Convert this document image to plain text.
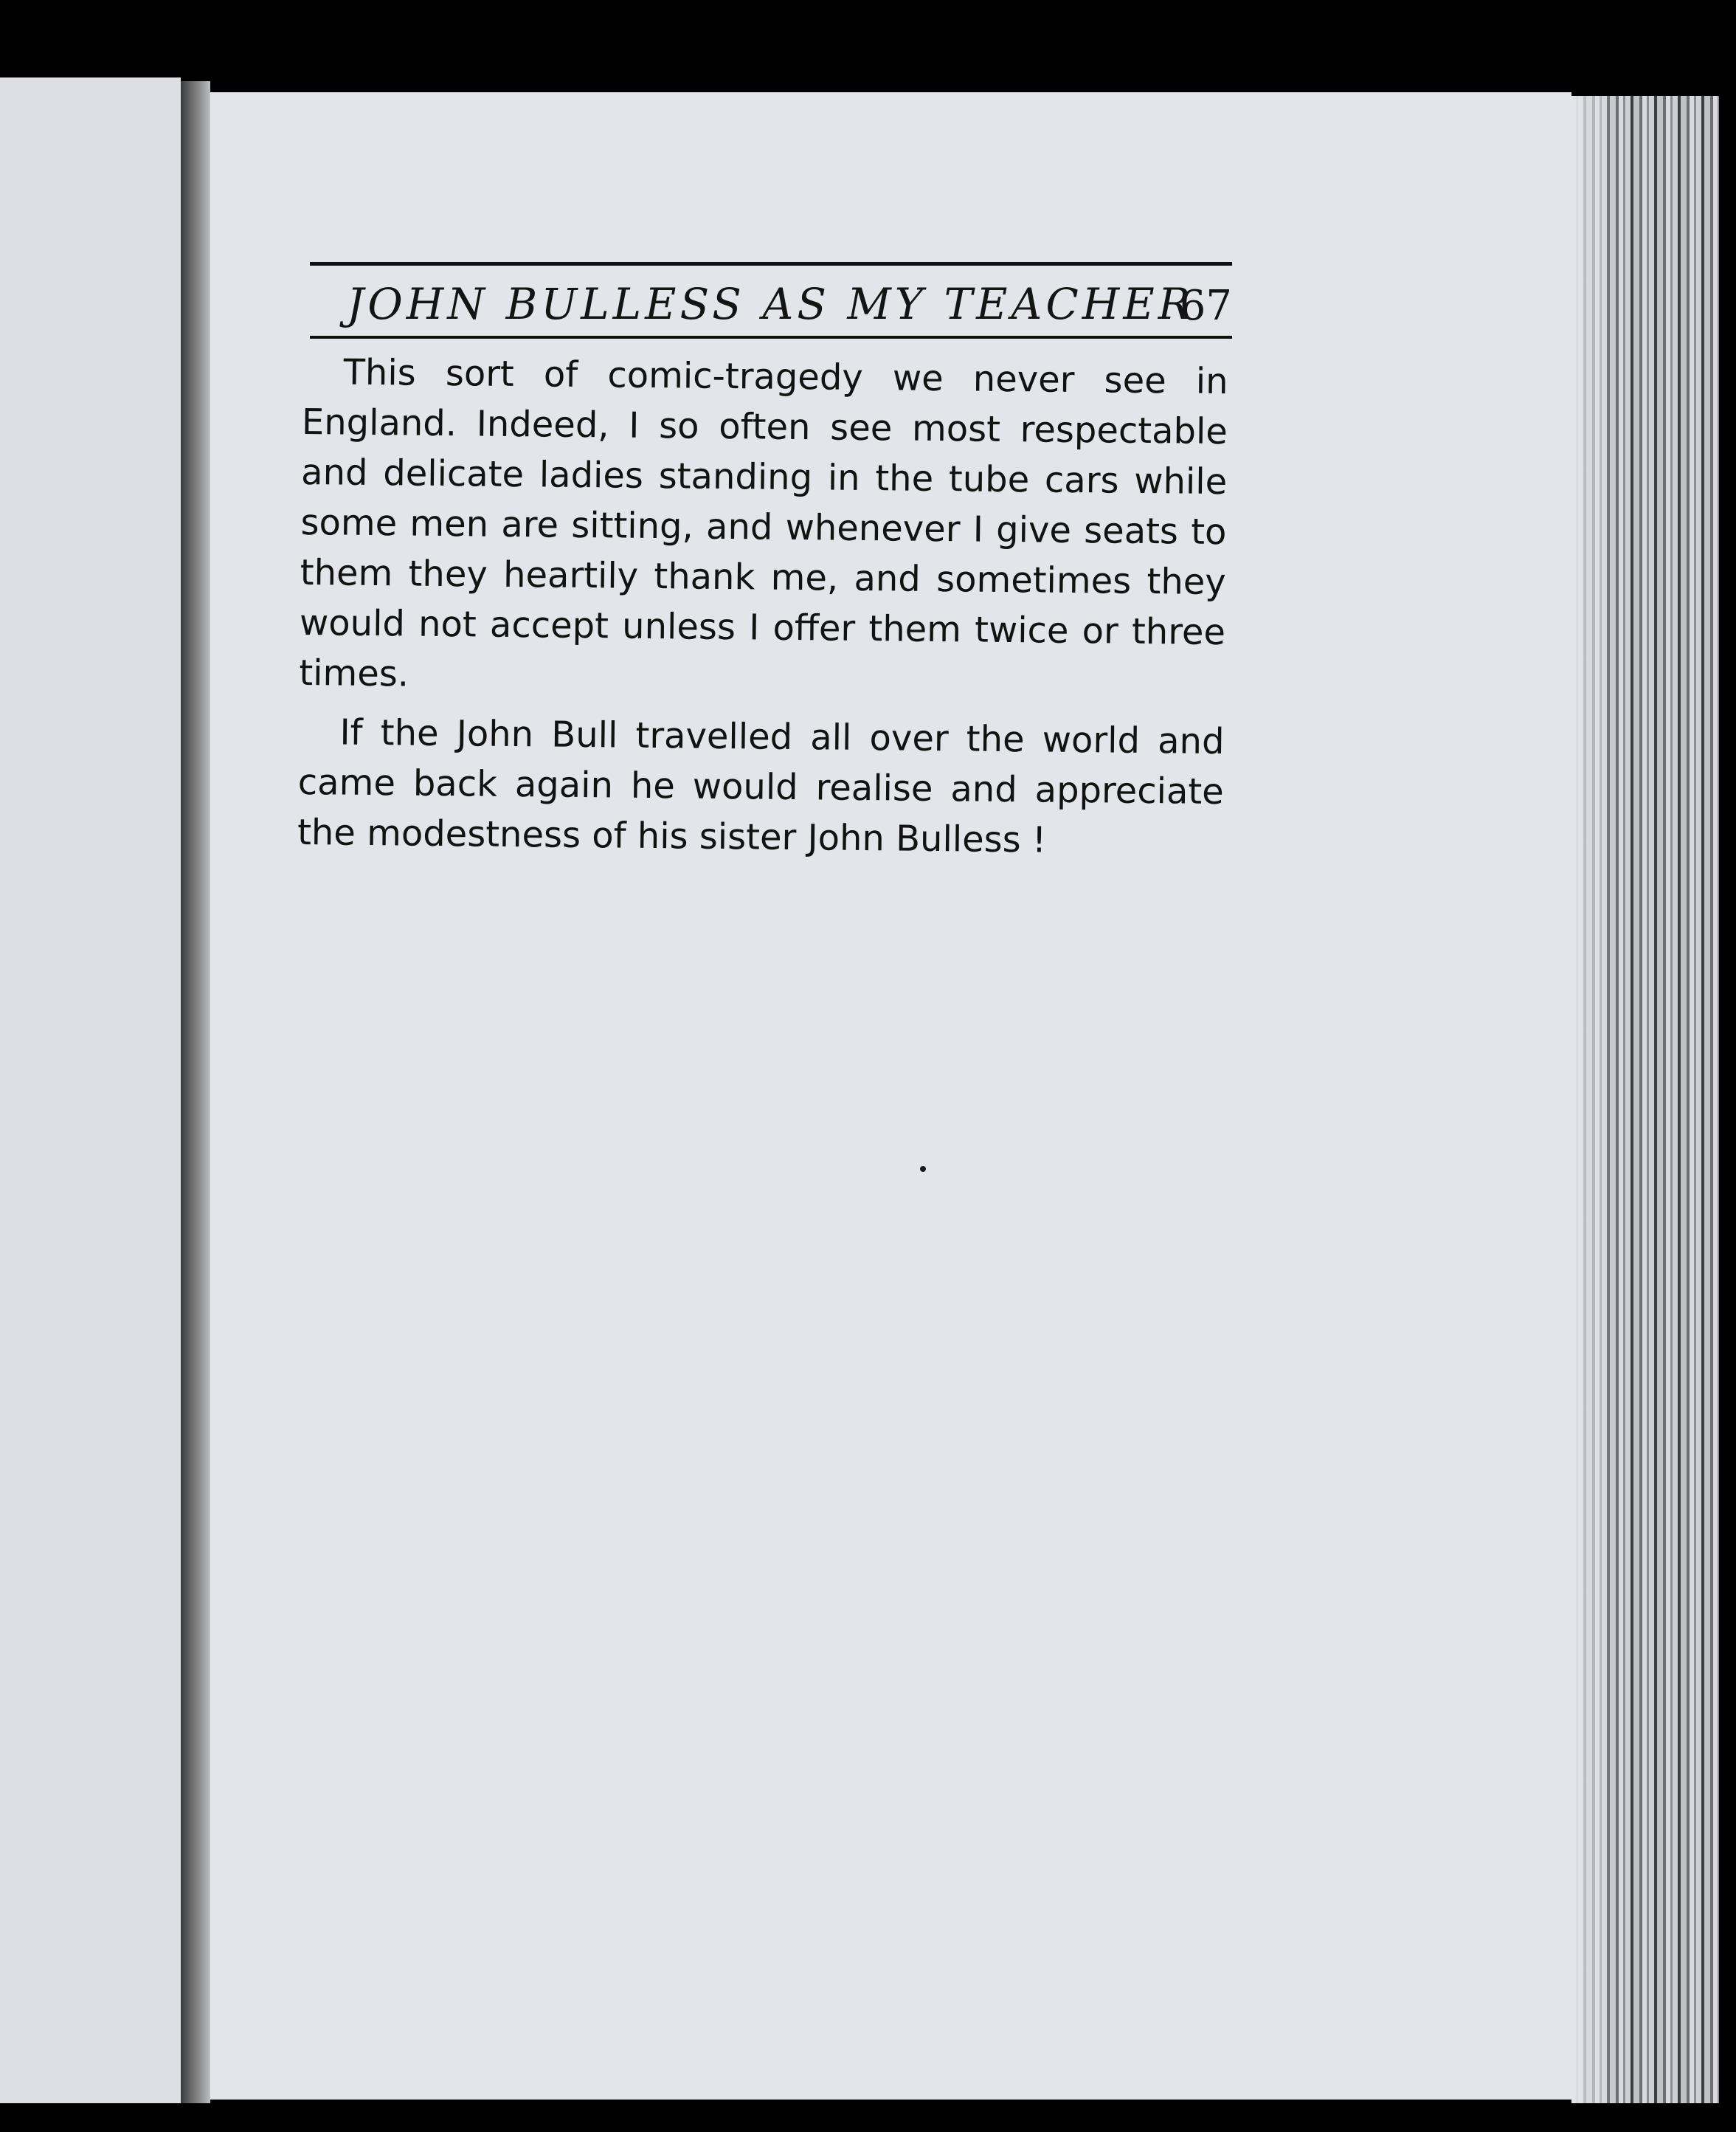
JOHN BULLESS AS MY TEACHER
67

This sort of comic-tragedy we never see in England. Indeed, I so often see most respectable and delicate ladies standing in the tube cars while some men are sitting, and whenever I give seats to them they heartily thank me, and sometimes they would not accept unless I offer them twice or three times.

If the John Bull travelled all over the world and came back again he would realise and appreciate the modestness of his sister John Bulless !
